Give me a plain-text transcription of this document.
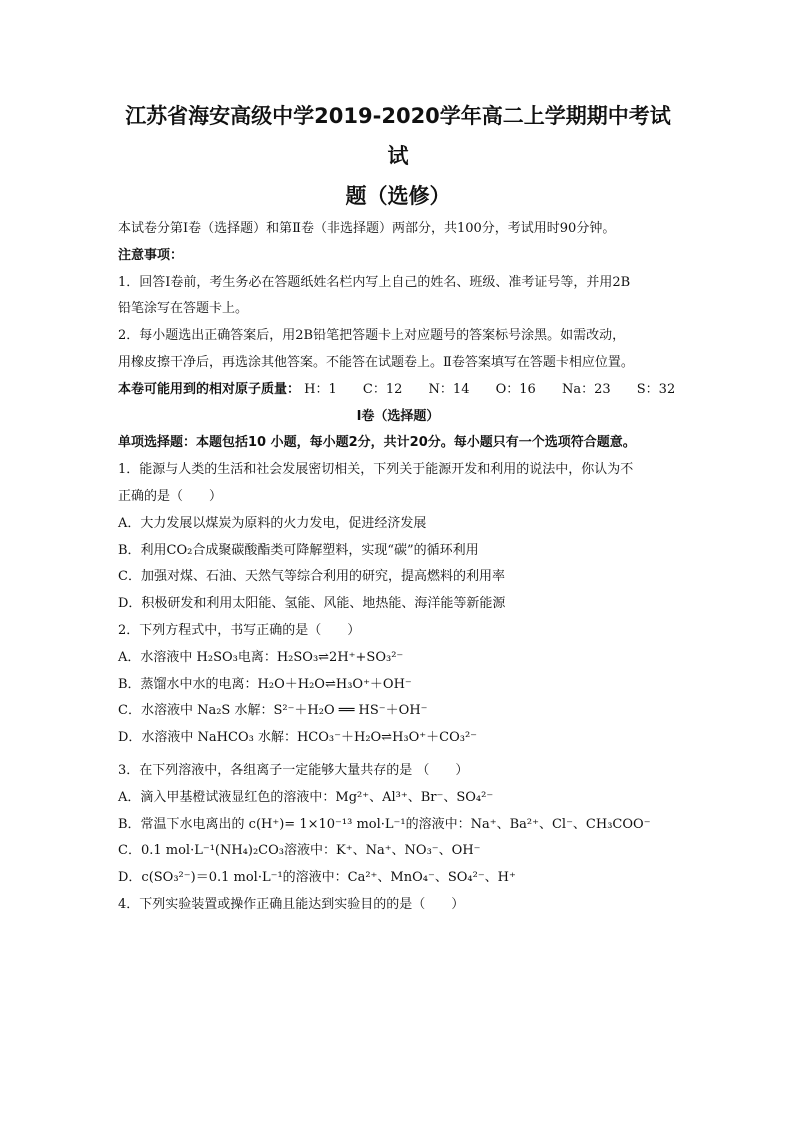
江苏省海安高级中学2019-2020学年高二上学期期中考试试
题（选修）

本试卷分第Ⅰ卷（选择题）和第Ⅱ卷（非选择题）两部分，共100分，考试用时90分钟。

注意事项：

1．回答Ⅰ卷前，考生务必在答题纸姓名栏内写上自己的姓名、班级、准考证号等，并用2B

铅笔涂写在答题卡上。

2．每小题选出正确答案后，用2B铅笔把答题卡上对应题号的答案标号涂黑。如需改动，

用橡皮擦干净后，再选涂其他答案。不能答在试题卷上。Ⅱ卷答案填写在答题卡相应位置。

本卷可能用到的相对原子质量： H：1 C：12 N：14 O：16 Na：23 S：32

Ⅰ卷（选择题）

单项选择题：本题包括10 小题，每小题2分，共计20分。每小题只有一个选项符合题意。

1．能源与人类的生活和社会发展密切相关，下列关于能源开发和利用的说法中，你认为不

正确的是（　　）

A．大力发展以煤炭为原料的火力发电，促进经济发展

B．利用CO₂合成聚碳酸酯类可降解塑料，实现“碳”的循环利用

C．加强对煤、石油、天然气等综合利用的研究，提高燃料的利用率

D．积极研发和利用太阳能、氢能、风能、地热能、海洋能等新能源

2．下列方程式中，书写正确的是（　　）

A．水溶液中 H₂SO₃电离：H₂SO₃⇌2H⁺+SO₃²⁻

B．蒸馏水中水的电离：H₂O＋H₂O⇌H₃O⁺＋OH⁻

C．水溶液中 Na₂S 水解：S²⁻＋H₂O ══ HS⁻＋OH⁻

D．水溶液中 NaHCO₃ 水解：HCO₃⁻＋H₂O⇌H₃O⁺＋CO₃²⁻

3．在下列溶液中，各组离子一定能够大量共存的是 （　　）

A．滴入甲基橙试液显红色的溶液中：Mg²⁺、Al³⁺、Br⁻、SO₄²⁻

B．常温下水电离出的 c(H⁺)= 1×10⁻¹³ mol·L⁻¹的溶液中：Na⁺、Ba²⁺、Cl⁻、CH₃COO⁻

C．0.1 mol·L⁻¹(NH₄)₂CO₃溶液中：K⁺、Na⁺、NO₃⁻、OH⁻

D．c(SO₃²⁻)＝0.1 mol·L⁻¹的溶液中：Ca²⁺、MnO₄⁻、SO₄²⁻、H⁺

4．下列实验装置或操作正确且能达到实验目的的是（　　）
